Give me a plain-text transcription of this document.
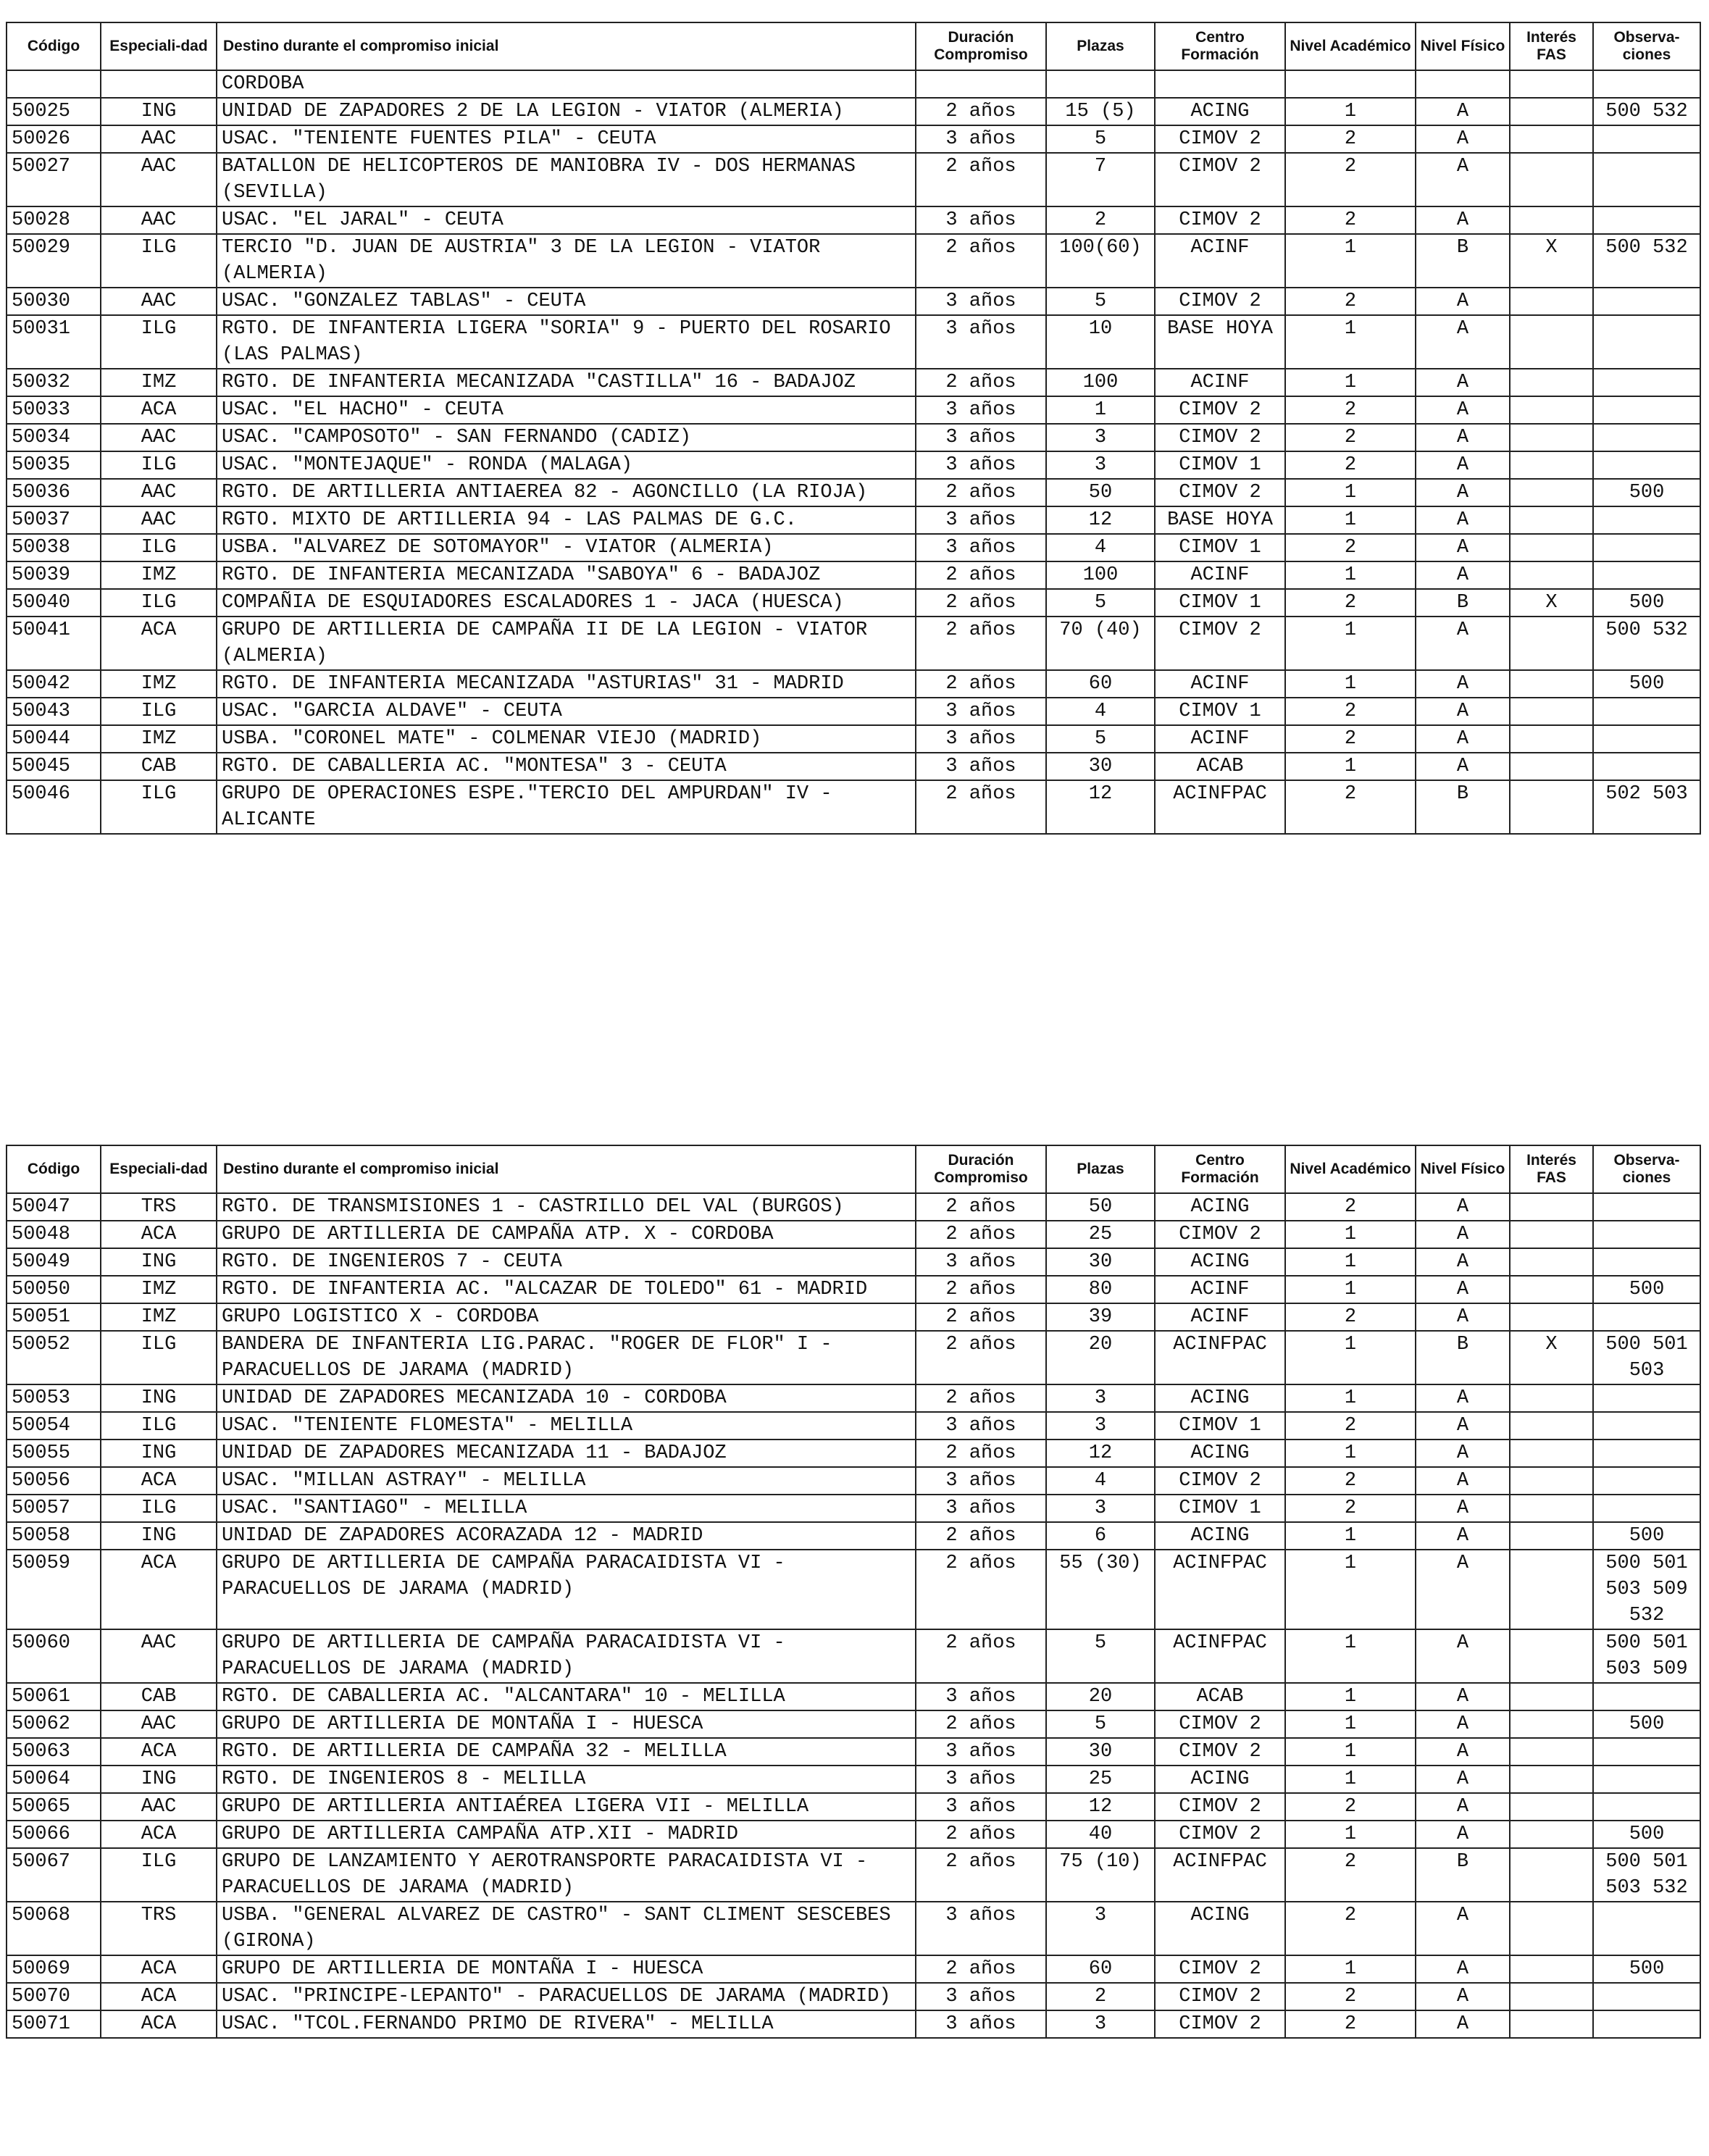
Código	Especiali-dad	Destino durante el compromiso inicial	Duración Compromiso	Plazas	Centro Formación	Nivel Académico	Nivel Físico	Interés FAS	Observa-ciones
		CORDOBA							
50025	ING	UNIDAD DE ZAPADORES 2 DE LA LEGION - VIATOR (ALMERIA)	2 años	15 (5)	ACING	1	A		500 532
50026	AAC	USAC. "TENIENTE FUENTES PILA" - CEUTA	3 años	5	CIMOV 2	2	A		
50027	AAC	BATALLON DE HELICOPTEROS DE MANIOBRA IV - DOS HERMANAS (SEVILLA)	2 años	7	CIMOV 2	2	A		
50028	AAC	USAC. "EL JARAL" - CEUTA	3 años	2	CIMOV 2	2	A		
50029	ILG	TERCIO "D. JUAN DE AUSTRIA" 3 DE LA LEGION - VIATOR (ALMERIA)	2 años	100(60)	ACINF	1	B	X	500 532
50030	AAC	USAC. "GONZALEZ TABLAS" - CEUTA	3 años	5	CIMOV 2	2	A		
50031	ILG	RGTO. DE INFANTERIA LIGERA "SORIA" 9 - PUERTO DEL ROSARIO (LAS PALMAS)	3 años	10	BASE HOYA	1	A		
50032	IMZ	RGTO. DE INFANTERIA MECANIZADA "CASTILLA" 16 - BADAJOZ	2 años	100	ACINF	1	A		
50033	ACA	USAC. "EL HACHO" - CEUTA	3 años	1	CIMOV 2	2	A		
50034	AAC	USAC. "CAMPOSOTO" - SAN FERNANDO (CADIZ)	3 años	3	CIMOV 2	2	A		
50035	ILG	USAC. "MONTEJAQUE" - RONDA (MALAGA)	3 años	3	CIMOV 1	2	A		
50036	AAC	RGTO. DE ARTILLERIA ANTIAEREA 82 - AGONCILLO (LA RIOJA)	2 años	50	CIMOV 2	1	A		500
50037	AAC	RGTO. MIXTO DE ARTILLERIA 94 - LAS PALMAS DE G.C.	3 años	12	BASE HOYA	1	A		
50038	ILG	USBA. "ALVAREZ DE SOTOMAYOR" - VIATOR (ALMERIA)	3 años	4	CIMOV 1	2	A		
50039	IMZ	RGTO. DE INFANTERIA MECANIZADA "SABOYA" 6 - BADAJOZ	2 años	100	ACINF	1	A		
50040	ILG	COMPAÑIA DE ESQUIADORES ESCALADORES 1 - JACA (HUESCA)	2 años	5	CIMOV 1	2	B	X	500
50041	ACA	GRUPO DE ARTILLERIA DE CAMPAÑA II DE LA LEGION - VIATOR (ALMERIA)	2 años	70 (40)	CIMOV 2	1	A		500 532
50042	IMZ	RGTO. DE INFANTERIA MECANIZADA "ASTURIAS" 31 - MADRID	2 años	60	ACINF	1	A		500
50043	ILG	USAC. "GARCIA ALDAVE" - CEUTA	3 años	4	CIMOV 1	2	A		
50044	IMZ	USBA. "CORONEL MATE" - COLMENAR VIEJO (MADRID)	3 años	5	ACINF	2	A		
50045	CAB	RGTO. DE CABALLERIA AC. "MONTESA" 3 - CEUTA	3 años	30	ACAB	1	A		
50046	ILG	GRUPO DE OPERACIONES ESPE."TERCIO DEL AMPURDAN" IV - ALICANTE	2 años	12	ACINFPAC	2	B		502 503
Código	Especiali-dad	Destino durante el compromiso inicial	Duración Compromiso	Plazas	Centro Formación	Nivel Académico	Nivel Físico	Interés FAS	Observa-ciones
50047	TRS	RGTO. DE TRANSMISIONES 1 - CASTRILLO DEL VAL (BURGOS)	2 años	50	ACING	2	A		
50048	ACA	GRUPO DE ARTILLERIA DE CAMPAÑA ATP. X - CORDOBA	2 años	25	CIMOV 2	1	A		
50049	ING	RGTO. DE INGENIEROS 7 - CEUTA	3 años	30	ACING	1	A		
50050	IMZ	RGTO. DE INFANTERIA AC. "ALCAZAR DE TOLEDO" 61 - MADRID	2 años	80	ACINF	1	A		500
50051	IMZ	GRUPO LOGISTICO X - CORDOBA	2 años	39	ACINF	2	A		
50052	ILG	BANDERA DE INFANTERIA LIG.PARAC. "ROGER DE FLOR" I - PARACUELLOS DE JARAMA (MADRID)	2 años	20	ACINFPAC	1	B	X	500 501 503
50053	ING	UNIDAD DE ZAPADORES MECANIZADA 10 - CORDOBA	2 años	3	ACING	1	A		
50054	ILG	USAC. "TENIENTE FLOMESTA" - MELILLA	3 años	3	CIMOV 1	2	A		
50055	ING	UNIDAD DE ZAPADORES MECANIZADA 11 - BADAJOZ	2 años	12	ACING	1	A		
50056	ACA	USAC. "MILLAN ASTRAY" - MELILLA	3 años	4	CIMOV 2	2	A		
50057	ILG	USAC. "SANTIAGO" - MELILLA	3 años	3	CIMOV 1	2	A		
50058	ING	UNIDAD DE ZAPADORES ACORAZADA 12 - MADRID	2 años	6	ACING	1	A		500
50059	ACA	GRUPO DE ARTILLERIA DE CAMPAÑA PARACAIDISTA VI - PARACUELLOS DE JARAMA (MADRID)	2 años	55 (30)	ACINFPAC	1	A		500 501 503 509 532
50060	AAC	GRUPO DE ARTILLERIA DE CAMPAÑA PARACAIDISTA VI - PARACUELLOS DE JARAMA (MADRID)	2 años	5	ACINFPAC	1	A		500 501 503 509
50061	CAB	RGTO. DE CABALLERIA AC. "ALCANTARA" 10 - MELILLA	3 años	20	ACAB	1	A		
50062	AAC	GRUPO DE ARTILLERIA DE MONTAÑA I - HUESCA	2 años	5	CIMOV 2	1	A		500
50063	ACA	RGTO. DE ARTILLERIA DE CAMPAÑA 32 - MELILLA	3 años	30	CIMOV 2	1	A		
50064	ING	RGTO. DE INGENIEROS 8 - MELILLA	3 años	25	ACING	1	A		
50065	AAC	GRUPO DE ARTILLERIA ANTIAÉREA LIGERA VII - MELILLA	3 años	12	CIMOV 2	2	A		
50066	ACA	GRUPO DE ARTILLERIA CAMPAÑA ATP.XII - MADRID	2 años	40	CIMOV 2	1	A		500
50067	ILG	GRUPO DE LANZAMIENTO Y AEROTRANSPORTE PARACAIDISTA VI - PARACUELLOS DE JARAMA (MADRID)	2 años	75 (10)	ACINFPAC	2	B		500 501 503 532
50068	TRS	USBA. "GENERAL ALVAREZ DE CASTRO" - SANT CLIMENT SESCEBES (GIRONA)	3 años	3	ACING	2	A		
50069	ACA	GRUPO DE ARTILLERIA DE MONTAÑA I - HUESCA	2 años	60	CIMOV 2	1	A		500
50070	ACA	USAC. "PRINCIPE-LEPANTO" - PARACUELLOS DE JARAMA (MADRID)	3 años	2	CIMOV 2	2	A		
50071	ACA	USAC. "TCOL.FERNANDO PRIMO DE RIVERA" - MELILLA	3 años	3	CIMOV 2	2	A		
